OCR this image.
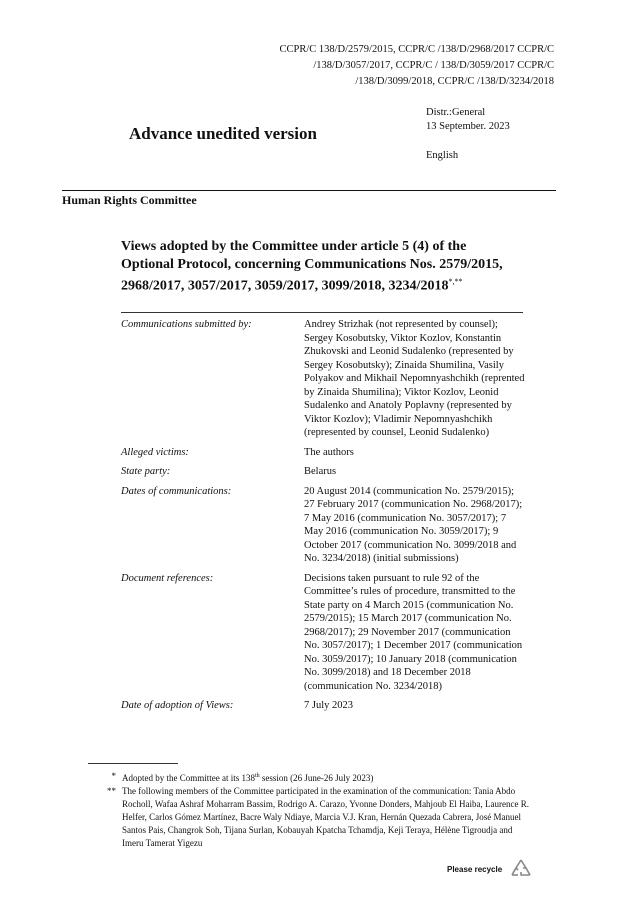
CCPR/C 138/D/2579/2015, CCPR/C /138/D/2968/2017 CCPR/C
/138/D/3057/2017, CCPR/C / 138/D/3059/2017 CCPR/C
/138/D/3099/2018, CCPR/C /138/D/3234/2018
Distr.:General
13 September. 2023
English
Advance unedited version
Human Rights Committee
Views adopted by the Committee under article 5 (4) of the Optional Protocol, concerning Communications Nos. 2579/2015, 2968/2017, 3057/2017, 3059/2017, 3099/2018, 3234/2018*,**
Communications submitted by:	Andrey Strizhak (not represented by counsel); Sergey Kosobutsky, Viktor Kozlov, Konstantin Zhukovski and Leonid Sudalenko (represented by Sergey Kosobutsky); Zinaida Shumilina, Vasily Polyakov and Mikhail Nepomnyashchikh (reprented by Zinaida Shumilina); Viktor Kozlov, Leonid Sudalenko and Anatoly Poplavny (represented by Viktor Kozlov); Vladimir Nepomnyashchikh (represented by counsel, Leonid Sudalenko)
Alleged victims:	The authors
State party:	Belarus
Dates of communications:	20 August 2014 (communication No. 2579/2015); 27 February 2017 (communication No. 2968/2017); 7 May 2016 (communication No. 3057/2017); 7 May 2016 (communication No. 3059/2017); 9 October 2017 (communication No. 3099/2018 and No. 3234/2018) (initial submissions)
Document references:	Decisions taken pursuant to rule 92 of the Committee’s rules of procedure, transmitted to the State party on 4 March 2015 (communication No. 2579/2015); 15 March 2017 (communication No. 2968/2017); 29 November 2017 (communication No. 3057/2017); 1 December 2017 (communication No. 3059/2017); 10 January 2018 (communication No. 3099/2018) and 18 December 2018 (communication No. 3234/2018)
Date of adoption of Views:	7 July 2023
* Adopted by the Committee at its 138th session (26 June-26 July 2023)
** The following members of the Committee participated in the examination of the communication: Tania Abdo Rocholl, Wafaa Ashraf Moharram Bassim, Rodrigo A. Carazo, Yvonne Donders, Mahjoub El Haiba, Laurence R. Helfer, Carlos Gómez Martínez, Bacre Waly Ndiaye, Marcia V.J. Kran, Hernán Quezada Cabrera, José Manuel Santos Pais, Changrok Soh, Tijana Surlan, Kobauyah Kpatcha Tchamdja, Keji Teraya, Hélène Tigroudja and Imeru Tamerat Yigezu
Please recycle
